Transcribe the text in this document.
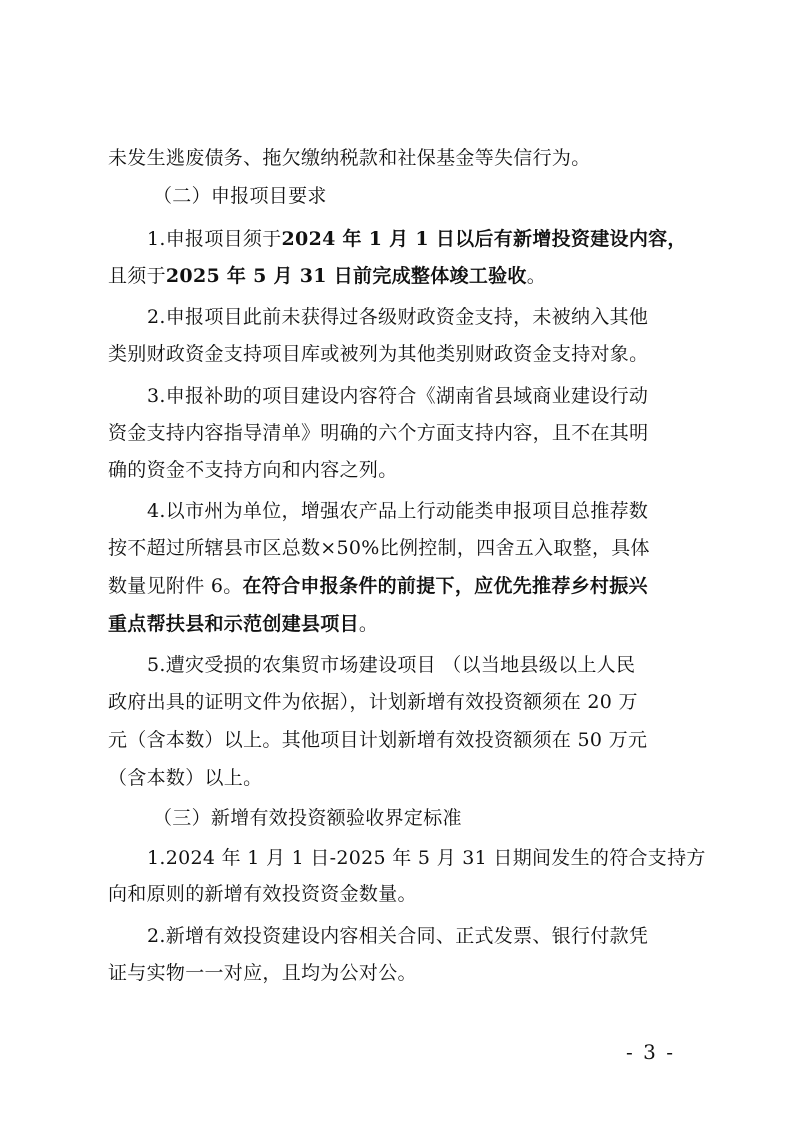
未发生逃废债务、拖欠缴纳税款和社保基金等失信行为。
（二）申报项目要求
1.申报项目须于2024 年 1 月 1 日以后有新增投资建设内容，
且须于2025 年 5 月 31 日前完成整体竣工验收。
2.申报项目此前未获得过各级财政资金支持，未被纳入其他
类别财政资金支持项目库或被列为其他类别财政资金支持对象。
3.申报补助的项目建设内容符合《湖南省县域商业建设行动
资金支持内容指导清单》明确的六个方面支持内容，且不在其明
确的资金不支持方向和内容之列。
4.以市州为单位，增强农产品上行动能类申报项目总推荐数
按不超过所辖县市区总数×50%比例控制，四舍五入取整，具体
数量见附件 6。在符合申报条件的前提下，应优先推荐乡村振兴
重点帮扶县和示范创建县项目。
5.遭灾受损的农集贸市场建设项目 （以当地县级以上人民
政府出具的证明文件为依据），计划新增有效投资额须在 20 万
元（含本数）以上。其他项目计划新增有效投资额须在 50 万元
（含本数）以上。
（三）新增有效投资额验收界定标准
1.2024 年 1 月 1 日-2025 年 5 月 31 日期间发生的符合支持方
向和原则的新增有效投资资金数量。
2.新增有效投资建设内容相关合同、正式发票、银行付款凭
证与实物一一对应，且均为公对公。
- 3 -
